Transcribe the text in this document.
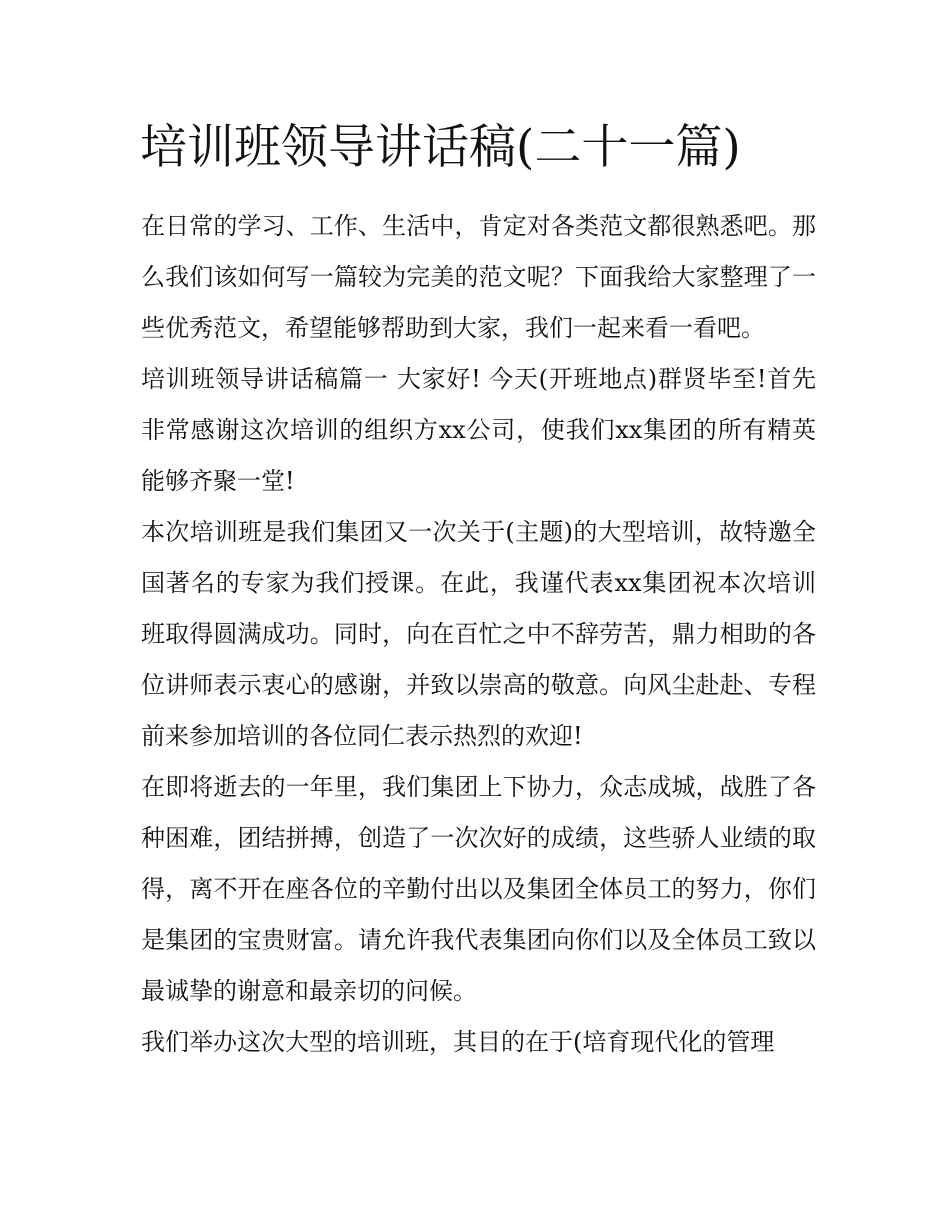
培训班领导讲话稿(二十一篇)

在日常的学习、工作、生活中，肯定对各类范文都很熟悉吧。那么我们该如何写一篇较为完美的范文呢？下面我给大家整理了一些优秀范文，希望能够帮助到大家，我们一起来看一看吧。

培训班领导讲话稿篇一 大家好! 今天(开班地点)群贤毕至!首先非常感谢这次培训的组织方xx公司，使我们xx集团的所有精英能够齐聚一堂!

本次培训班是我们集团又一次关于(主题)的大型培训，故特邀全国著名的专家为我们授课。在此，我谨代表xx集团祝本次培训班取得圆满成功。同时，向在百忙之中不辞劳苦，鼎力相助的各位讲师表示衷心的感谢，并致以崇高的敬意。向风尘赴赴、专程前来参加培训的各位同仁表示热烈的欢迎!

在即将逝去的一年里，我们集团上下协力，众志成城，战胜了各种困难，团结拼搏，创造了一次次好的成绩，这些骄人业绩的取得，离不开在座各位的辛勤付出以及集团全体员工的努力，你们是集团的宝贵财富。请允许我代表集团向你们以及全体员工致以最诚挚的谢意和最亲切的问候。

我们举办这次大型的培训班，其目的在于(培育现代化的管理
